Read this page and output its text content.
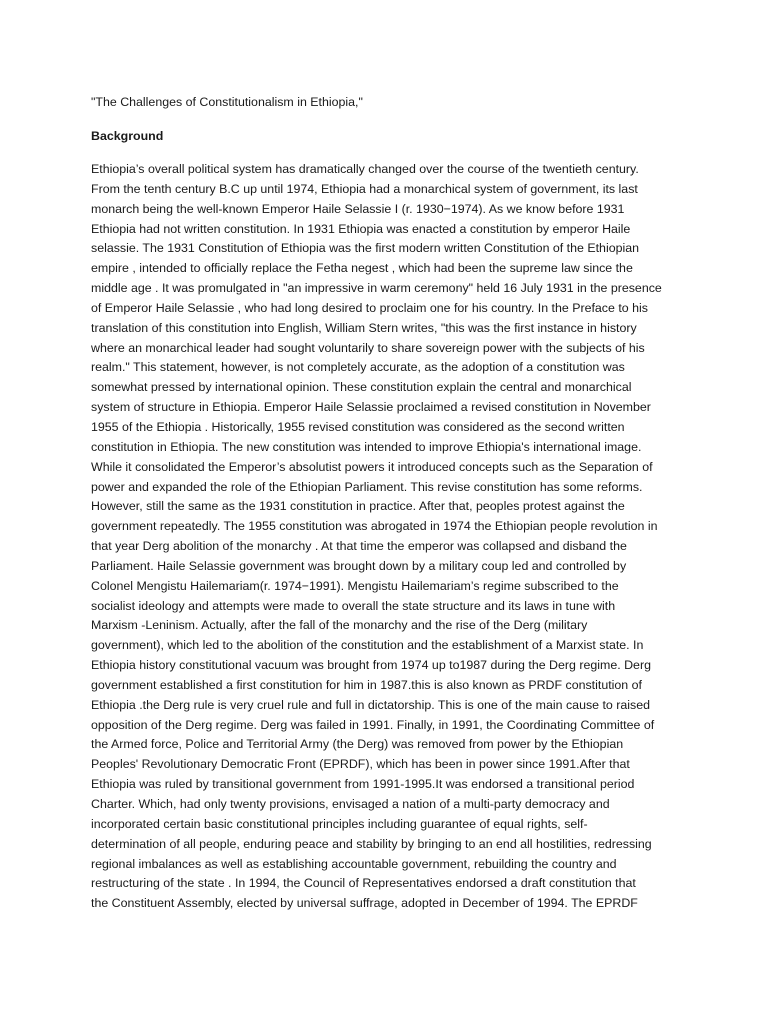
"The Challenges of Constitutionalism in Ethiopia,"

Background

Ethiopia’s overall political system has dramatically changed over the course of the twentieth century.
From the tenth century B.C up until 1974, Ethiopia had a monarchical system of government, its last
monarch being the well-known Emperor Haile Selassie I (r. 1930−1974). As we know before 1931
Ethiopia had not written constitution. In 1931 Ethiopia was enacted a constitution by emperor Haile
selassie. The 1931 Constitution of Ethiopia was the first modern written Constitution of the Ethiopian
empire , intended to officially replace the Fetha negest , which had been the supreme law since the
middle age . It was promulgated in "an impressive in warm ceremony" held 16 July 1931 in the presence
of Emperor Haile Selassie , who had long desired to proclaim one for his country. In the Preface to his
translation of this constitution into English, William Stern writes, "this was the first instance in history
where an monarchical leader had sought voluntarily to share sovereign power with the subjects of his
realm." This statement, however, is not completely accurate, as the adoption of a constitution was
somewhat pressed by international opinion. These constitution explain the central and monarchical
system of structure in Ethiopia. Emperor Haile Selassie proclaimed a revised constitution in November
1955 of the Ethiopia . Historically, 1955 revised constitution was considered as the second written
constitution in Ethiopia. The new constitution was intended to improve Ethiopia's international image.
While it consolidated the Emperor’s absolutist powers it introduced concepts such as the Separation of
power and expanded the role of the Ethiopian Parliament. This revise constitution has some reforms.
However, still the same as the 1931 constitution in practice. After that, peoples protest against the
government repeatedly. The 1955 constitution was abrogated in 1974 the Ethiopian people revolution in
that year Derg abolition of the monarchy . At that time the emperor was collapsed and disband the
Parliament. Haile Selassie government was brought down by a military coup led and controlled by
Colonel Mengistu Hailemariam(r. 1974−1991). Mengistu Hailemariam’s regime subscribed to the
socialist ideology and attempts were made to overall the state structure and its laws in tune with
Marxism -Leninism. Actually, after the fall of the monarchy and the rise of the Derg (military
government), which led to the abolition of the constitution and the establishment of a Marxist state. In
Ethiopia history constitutional vacuum was brought from 1974 up to1987 during the Derg regime. Derg
government established a first constitution for him in 1987.this is also known as PRDF constitution of
Ethiopia .the Derg rule is very cruel rule and full in dictatorship. This is one of the main cause to raised
opposition of the Derg regime. Derg was failed in 1991. Finally, in 1991, the Coordinating Committee of
the Armed force, Police and Territorial Army (the Derg) was removed from power by the Ethiopian
Peoples' Revolutionary Democratic Front (EPRDF), which has been in power since 1991.After that
Ethiopia was ruled by transitional government from 1991-1995.It was endorsed a transitional period
Charter. Which, had only twenty provisions, envisaged a nation of a multi-party democracy and
incorporated certain basic constitutional principles including guarantee of equal rights, self-
determination of all people, enduring peace and stability by bringing to an end all hostilities, redressing
regional imbalances as well as establishing accountable government, rebuilding the country and
restructuring of the state . In 1994, the Council of Representatives endorsed a draft constitution that
the Constituent Assembly, elected by universal suffrage, adopted in December of 1994. The EPRDF
